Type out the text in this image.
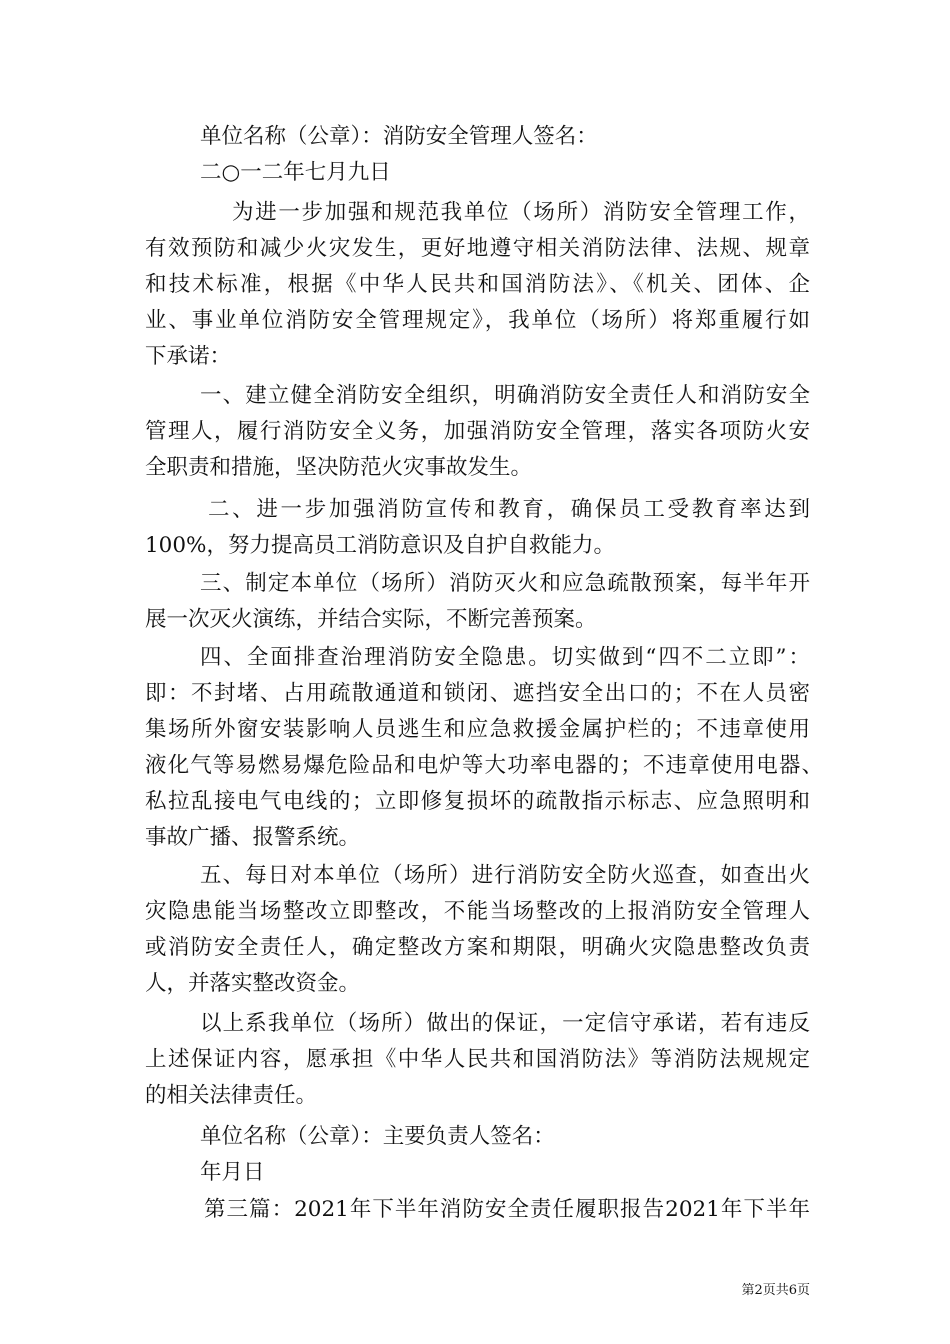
单位名称（公章）：消防安全管理人签名：
二○一二年七月九日
为进一步加强和规范我单位（场所）消防安全管理工作，
有效预防和减少火灾发生，更好地遵守相关消防法律、法规、规章
和技术标准，根据《中华人民共和国消防法》、《机关、团体、企
业、事业单位消防安全管理规定》，我单位（场所）将郑重履行如
下承诺：
一、建立健全消防安全组织，明确消防安全责任人和消防安全
管理人，履行消防安全义务，加强消防安全管理，落实各项防火安
全职责和措施，坚决防范火灾事故发生。
二、进一步加强消防宣传和教育，确保员工受教育率达到
100%，努力提高员工消防意识及自护自救能力。
三、制定本单位（场所）消防灭火和应急疏散预案，每半年开
展一次灭火演练，并结合实际，不断完善预案。
四、全面排查治理消防安全隐患。切实做到“四不二立即”：
即：不封堵、占用疏散通道和锁闭、遮挡安全出口的；不在人员密
集场所外窗安装影响人员逃生和应急救援金属护栏的；不违章使用
液化气等易燃易爆危险品和电炉等大功率电器的；不违章使用电器、
私拉乱接电气电线的；立即修复损坏的疏散指示标志、应急照明和
事故广播、报警系统。
五、每日对本单位（场所）进行消防安全防火巡查，如查出火
灾隐患能当场整改立即整改，不能当场整改的上报消防安全管理人
或消防安全责任人，确定整改方案和期限，明确火灾隐患整改负责
人，并落实整改资金。
以上系我单位（场所）做出的保证，一定信守承诺，若有违反
上述保证内容，愿承担《中华人民共和国消防法》等消防法规规定
的相关法律责任。
单位名称（公章）：主要负责人签名：
年月日
第三篇：2021年下半年消防安全责任履职报告2021年下半年
第2页共6页
